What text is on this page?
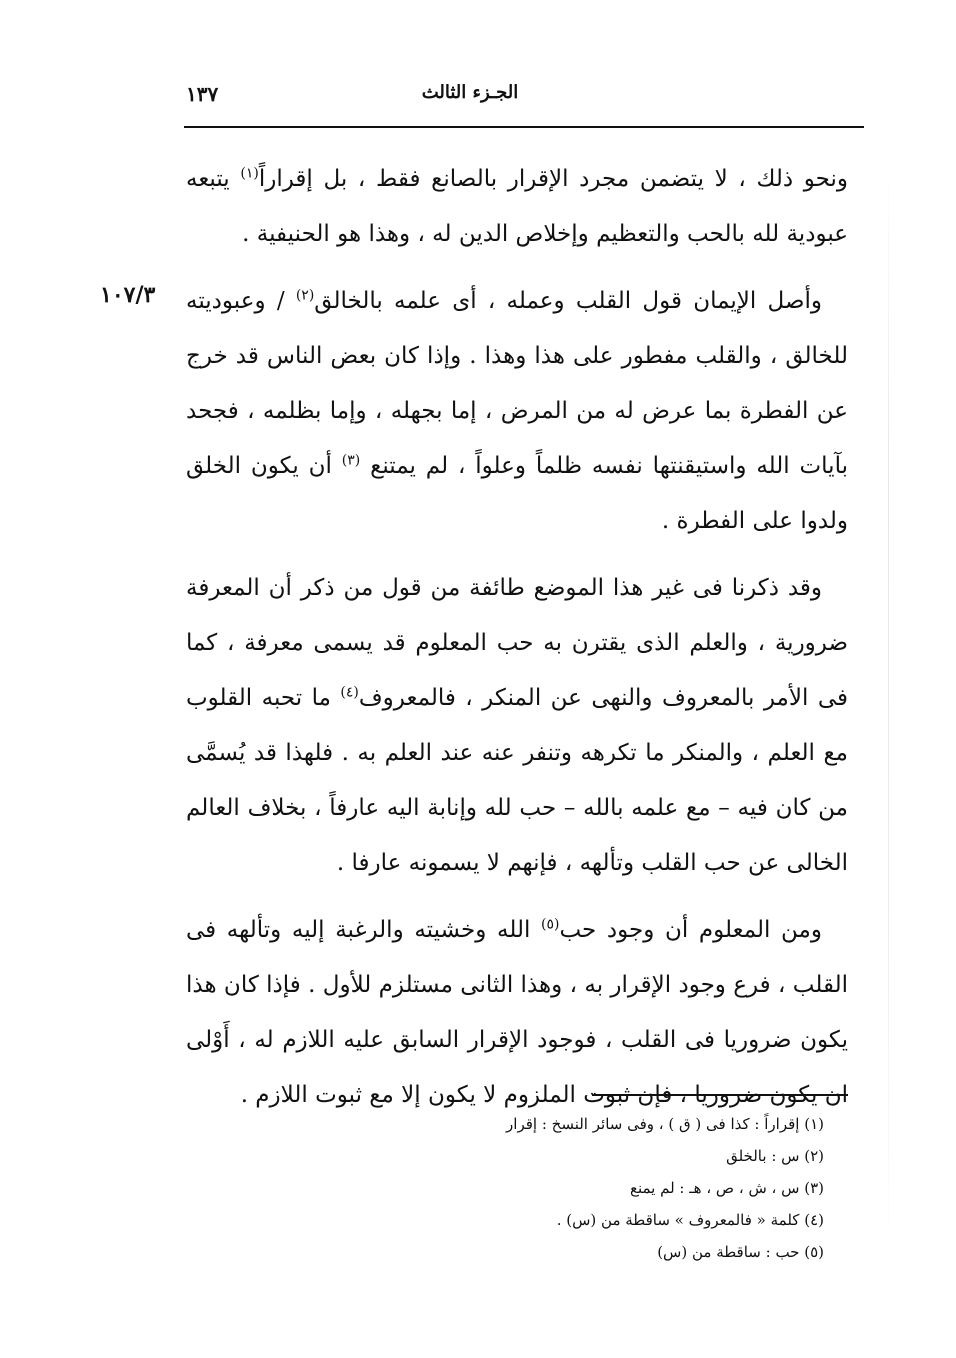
الجـزء الثالث
١٣٧
١٠٧/٣

ونحو ذلك ، لا يتضمن مجرد الإقرار بالصانع فقط ، بل إقراراً$^{(١)}$ يتبعه عبودية لله بالحب والتعظيم وإخلاص الدين له ، وهذا هو الحنيفية .

وأصل الإيمان قول القلب وعمله ، أى علمه بالخالق$^{(٢)}$ / وعبوديته للخالق ، والقلب مفطور على هذا وهذا . وإذا كان بعض الناس قد خرج عن الفطرة بما عرض له من المرض ، إما بجهله ، وإما بظلمه ، فجحد بآيات الله واستيقنتها نفسه ظلماً وعلواً ، لم يمتنع $^{(٣)}$ أن يكون الخلق ولدوا على الفطرة .

وقد ذكرنا فى غير هذا الموضع طائفة من قول من ذكر أن المعرفة ضرورية ، والعلم الذى يقترن به حب المعلوم قد يسمى معرفة ، كما فى الأمر بالمعروف والنهى عن المنكر ، فالمعروف$^{(٤)}$ ما تحبه القلوب مع العلم ، والمنكر ما تكرهه وتنفر عنه عند العلم به . فلهذا قد يُسمَّى من كان فيه – مع علمه بالله – حب لله وإنابة اليه عارفاً ، بخلاف العالم الخالى عن حب القلب وتألهه ، فإنهم لا يسمونه عارفا .

ومن المعلوم أن وجود حب$^{(٥)}$ الله وخشيته والرغبة إليه وتألهه فى القلب ، فرع وجود الإقرار به ، وهذا الثانى مستلزم للأول . فإذا كان هذا يكون ضروريا فى القلب ، فوجود الإقرار السابق عليه اللازم له ، أَوْلى ان يكون ضروريا ، فإن ثبوت الملزوم لا يكون إلا مع ثبوت اللازم .

(١) إقراراً : كذا فى ( ق ) ، وفى سائر النسخ : إقرار
(٢) س : بالخلق
(٣) س ، ش ، ص ، هـ : لم يمنع
(٤) كلمة « فالمعروف » ساقطة من (س) .
(٥) حب : ساقطة من (س)
